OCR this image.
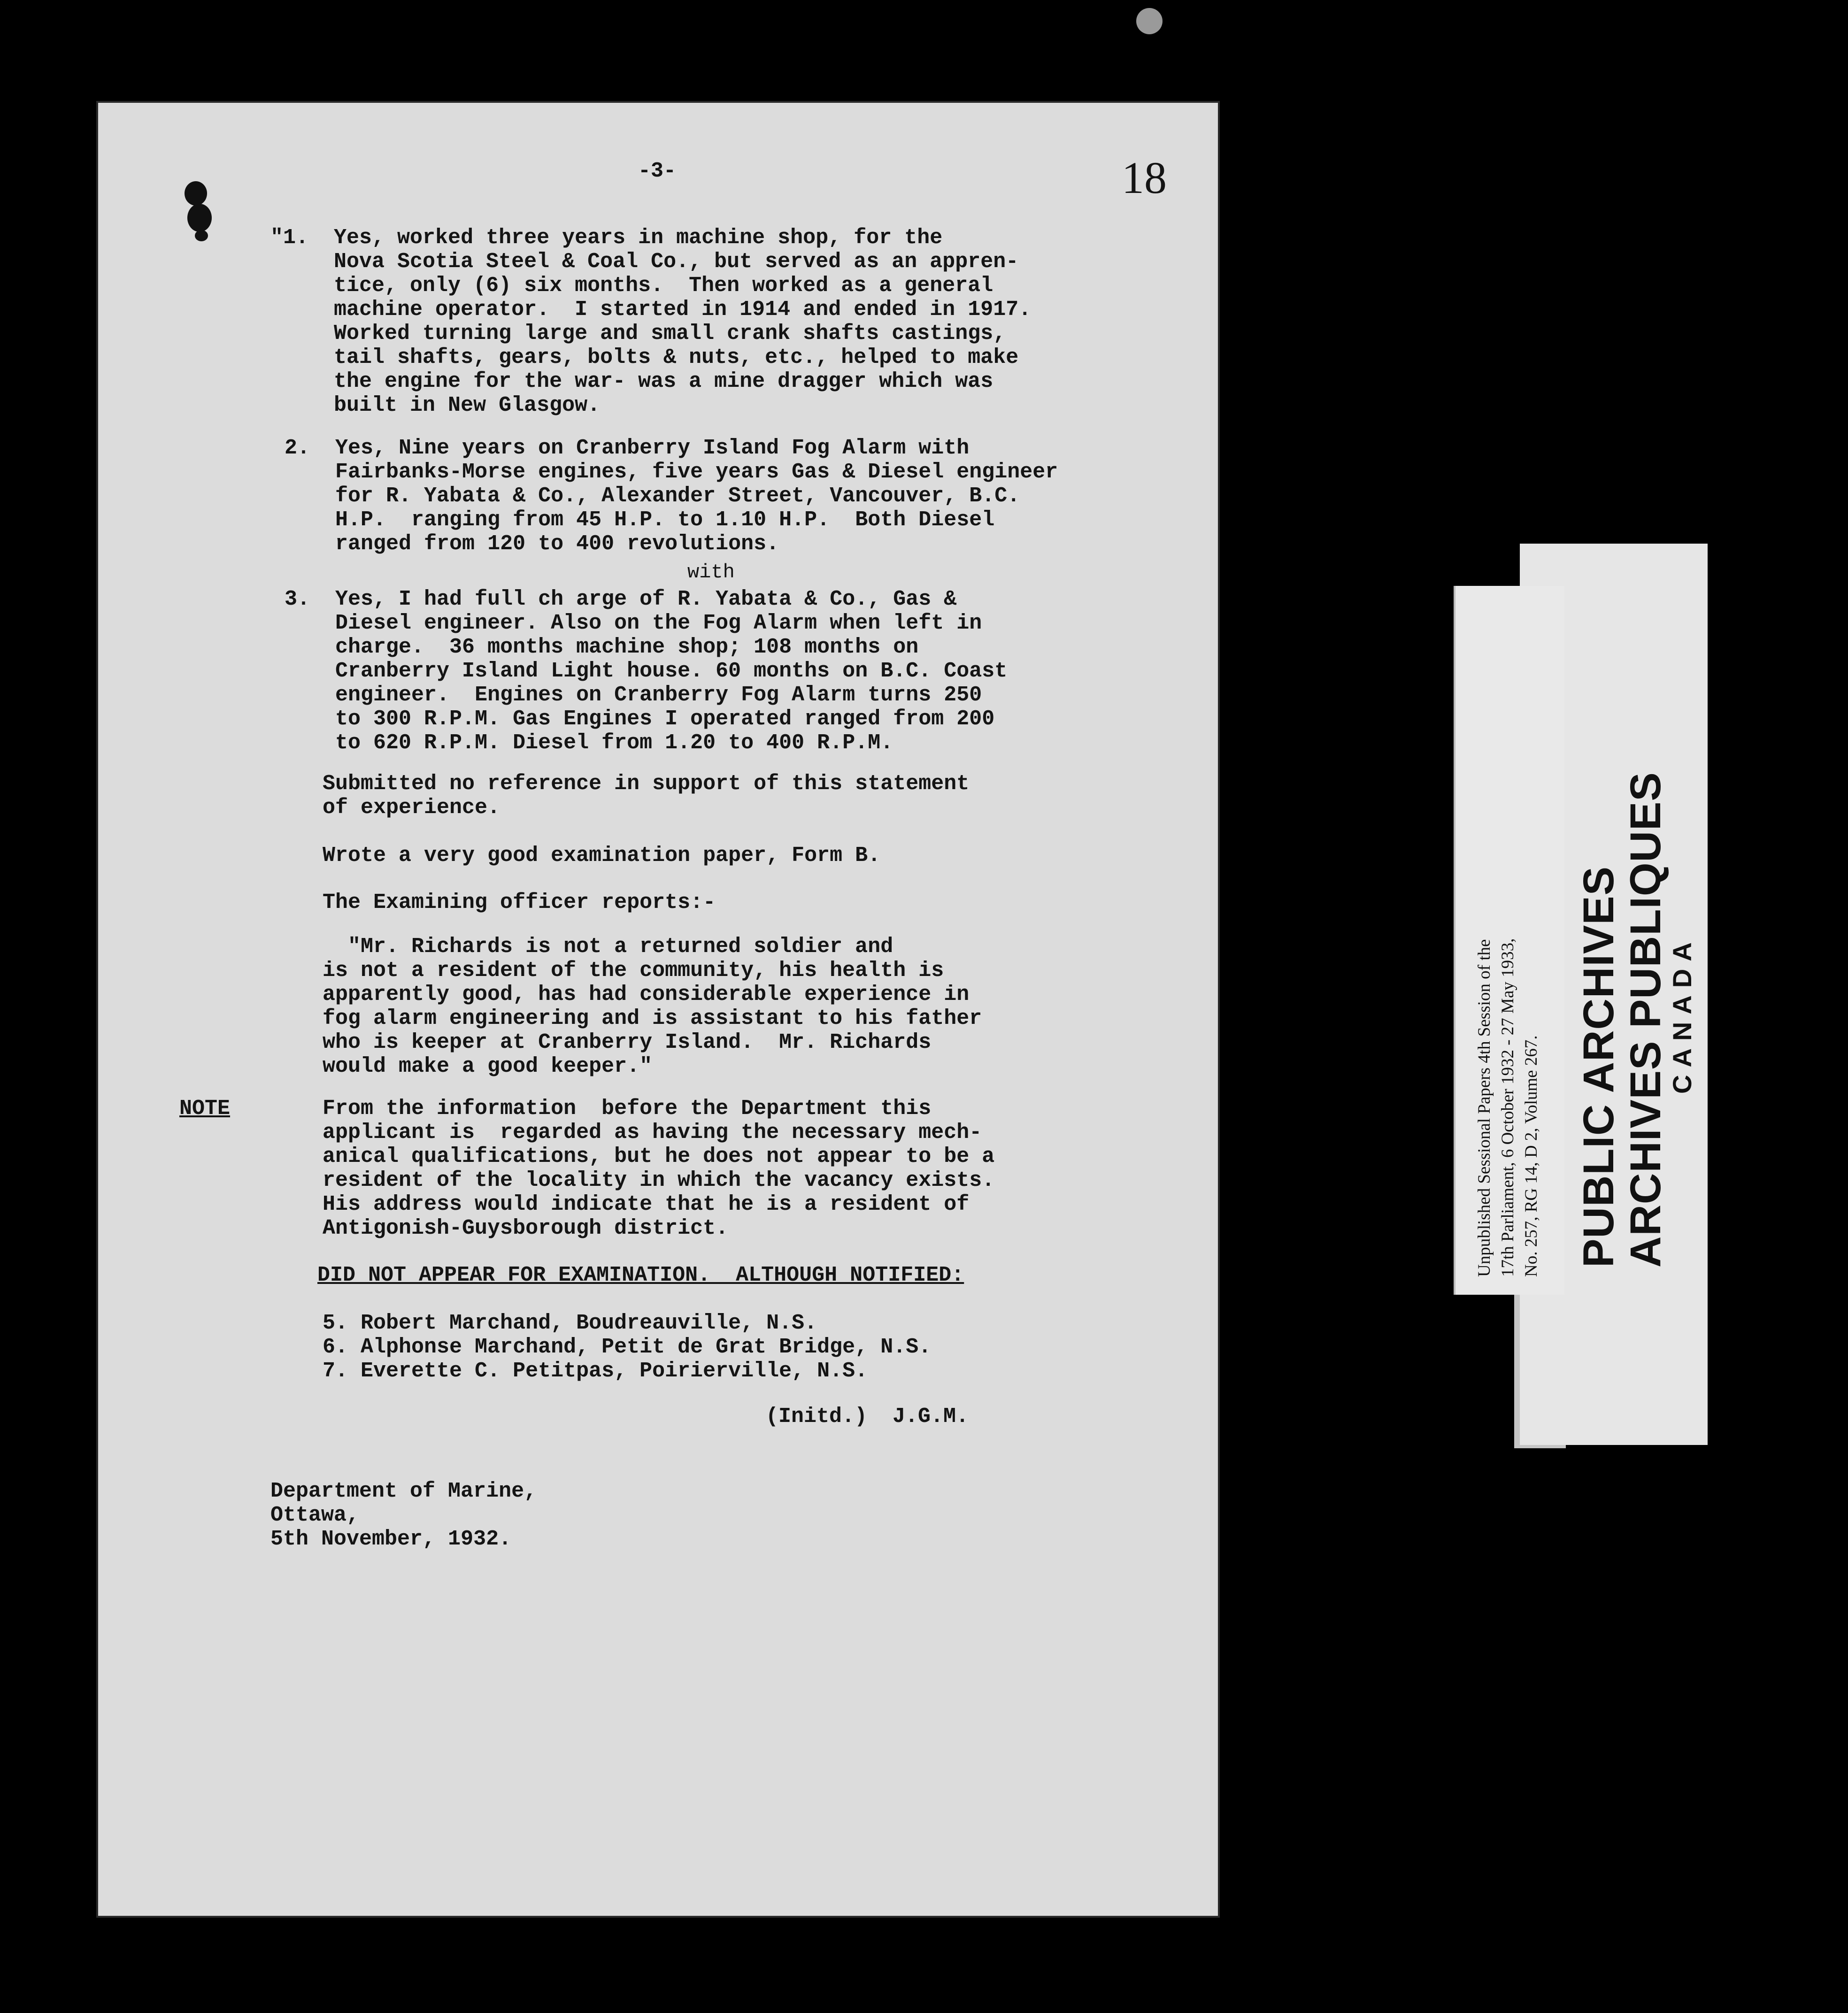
-3-	18

"1.  Yes, worked three years in machine shop, for the

Nova Scotia Steel & Coal Co., but served as an appren-

tice, only (6) six months.  Then worked as a general

machine operator.  I started in 1914 and ended in 1917.

Worked turning large and small crank shafts castings,

tail shafts, gears, bolts & nuts, etc., helped to make

the engine for the war- was a mine dragger which was

built in New Glasgow.

2.  Yes, Nine years on Cranberry Island Fog Alarm with

Fairbanks-Morse engines, five years Gas & Diesel engineer

for R. Yabata & Co., Alexander Street, Vancouver, B.C.

H.P.  ranging from 45 H.P. to 1.10 H.P.  Both Diesel

ranged from 120 to 400 revolutions.

with

3.  Yes, I had full ch arge of R. Yabata & Co., Gas &

Diesel engineer. Also on the Fog Alarm when left in

charge.  36 months machine shop; 108 months on

Cranberry Island Light house. 60 months on B.C. Coast

engineer.  Engines on Cranberry Fog Alarm turns 250

to 300 R.P.M. Gas Engines I operated ranged from 200

to 620 R.P.M. Diesel from 1.20 to 400 R.P.M.

Submitted no reference in support of this statement

of experience.

Wrote a very good examination paper, Form B.

The Examining officer reports:-

"Mr. Richards is not a returned soldier and

is not a resident of the community, his health is

apparently good, has had considerable experience in

fog alarm engineering and is assistant to his father

who is keeper at Cranberry Island.  Mr. Richards

would make a good keeper."

NOTE	From the information  before the Department this

applicant is  regarded as having the necessary mech-

anical qualifications, but he does not appear to be a

resident of the locality in which the vacancy exists.

His address would indicate that he is a resident of

Antigonish-Guysborough district.

DID NOT APPEAR FOR EXAMINATION.  ALTHOUGH NOTIFIED:

5. Robert Marchand, Boudreauville, N.S.

6. Alphonse Marchand, Petit de Grat Bridge, N.S.

7. Everette C. Petitpas, Poirierville, N.S.

(Initd.)  J.G.M.

Department of Marine,

Ottawa,

5th November, 1932.

Unpublished Sessional Papers 4th Session of the 17th Parliament, 6 October 1932 - 27 May 1933, No. 257, RG 14, D 2, Volume 267. PUBLIC ARCHIVES

ARCHIVES PUBLIQUES

CANADA
